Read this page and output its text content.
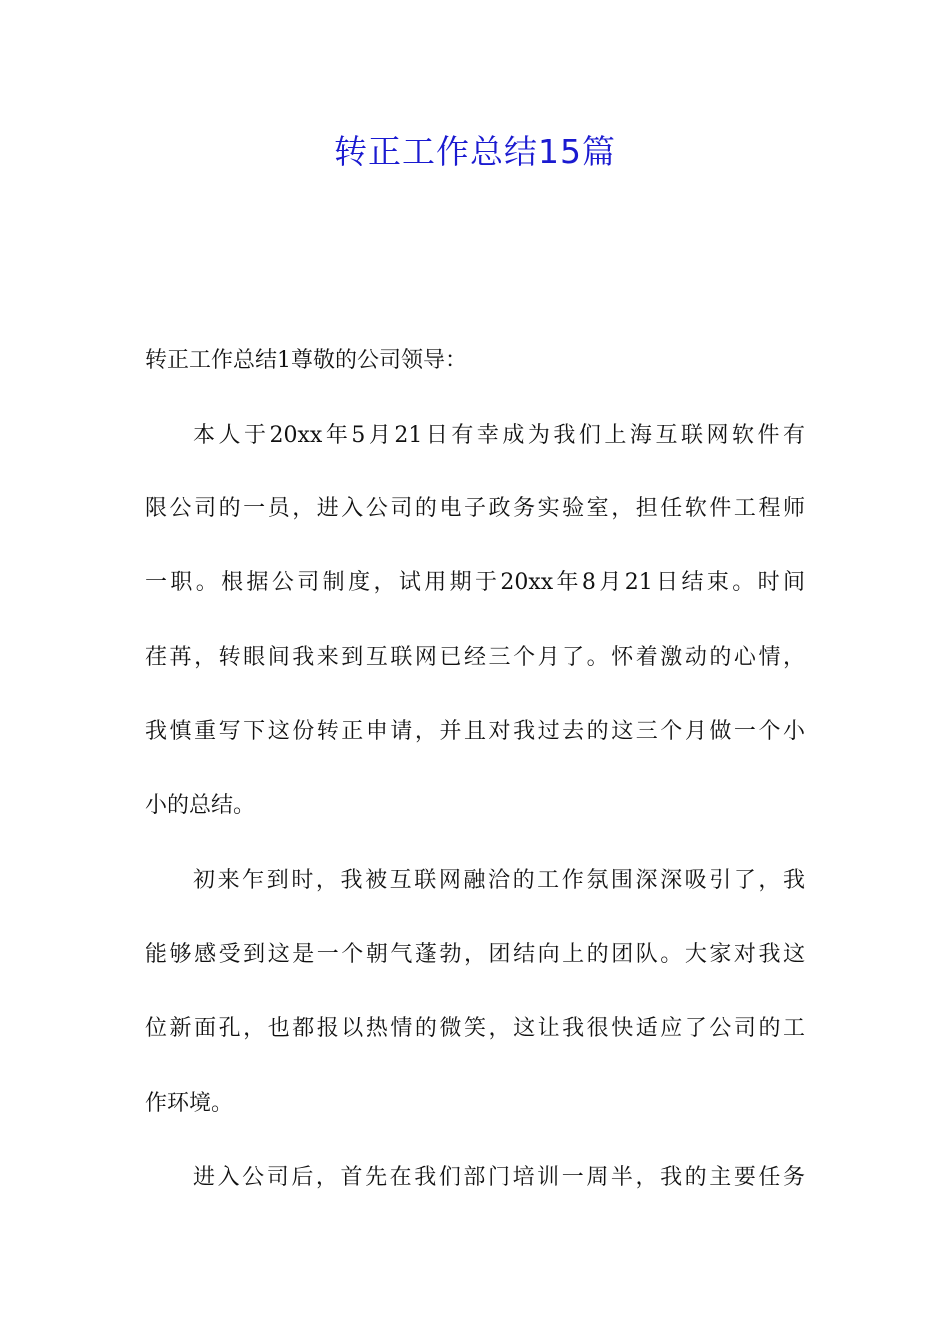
转正工作总结15篇

转正工作总结1尊敬的公司领导：

本人于20xx年5月21日有幸成为我们上海互联网软件有

限公司的一员，进入公司的电子政务实验室，担任软件工程师

一职。根据公司制度，试用期于20xx年8月21日结束。时间

荏苒，转眼间我来到互联网已经三个月了。怀着激动的心情，

我慎重写下这份转正申请，并且对我过去的这三个月做一个小

小的总结。

初来乍到时，我被互联网融洽的工作氛围深深吸引了，我

能够感受到这是一个朝气蓬勃，团结向上的团队。大家对我这

位新面孔，也都报以热情的微笑，这让我很快适应了公司的工

作环境。

进入公司后，首先在我们部门培训一周半，我的主要任务
